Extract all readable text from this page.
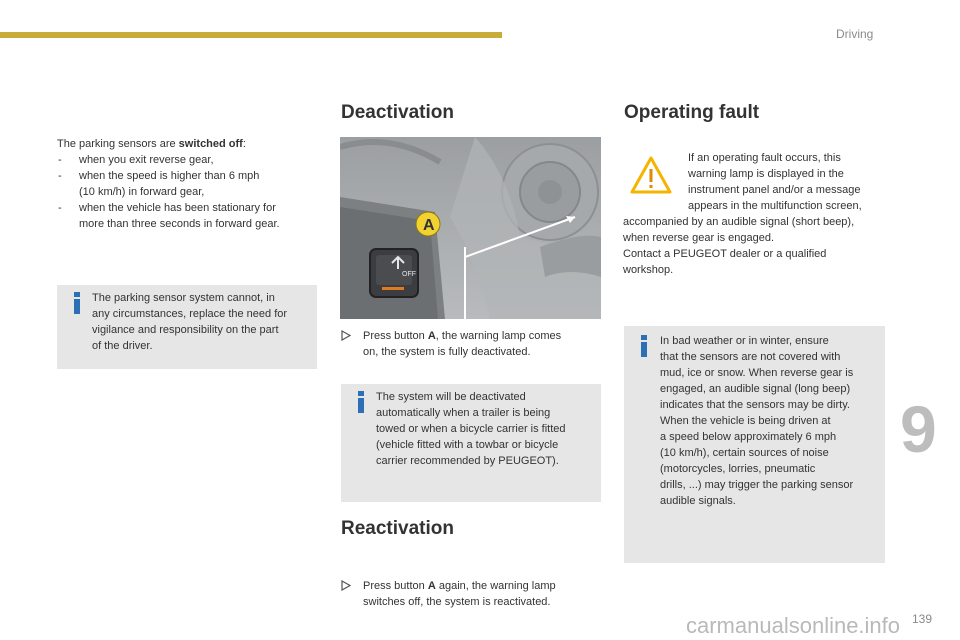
Driving
9
carmanualsonline.info 139

The parking sensors are switched off:

- when you exit reverse gear,

- when the speed is higher than 6 mph

(10 km/h) in forward gear,

- when the vehicle has been stationary for

more than three seconds in forward gear.

The parking sensor system cannot, in
any circumstances, replace the need for
vigilance and responsibility on the part
of the driver.
Deactivation
OFF
A
Press button A, the warning lamp comes
on, the system is fully deactivated.
The system will be deactivated
automatically when a trailer is being
towed or when a bicycle carrier is fitted
(vehicle fitted with a towbar or bicycle
carrier recommended by PEUGEOT).
Reactivation
Press button A again, the warning lamp
switches off, the system is reactivated.
Operating fault

If an operating fault occurs, this

warning lamp is displayed in the

instrument panel and/or a message

appears in the multifunction screen,

accompanied by an audible signal (short beep),

when reverse gear is engaged.

Contact a PEUGEOT dealer or a qualified

workshop.

In bad weather or in winter, ensure
that the sensors are not covered with
mud, ice or snow. When reverse gear is
engaged, an audible signal (long beep)
indicates that the sensors may be dirty.
When the vehicle is being driven at
a speed below approximately 6 mph
(10 km/h), certain sources of noise
(motorcycles, lorries, pneumatic
drills, ...) may trigger the parking sensor
audible signals.
